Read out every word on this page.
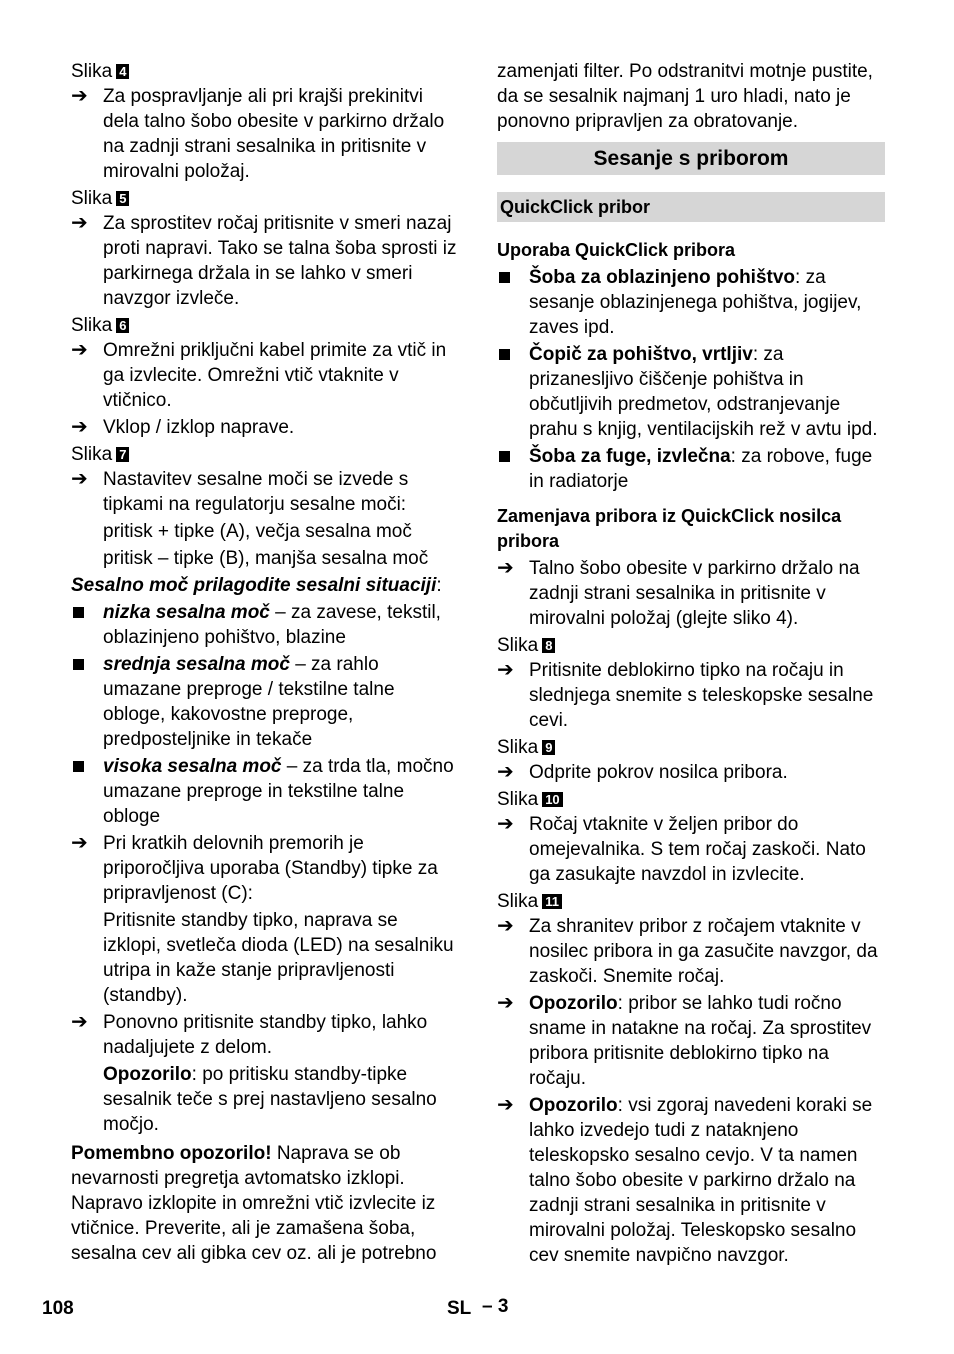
Slika 4
➔ Za pospravljanje ali pri krajši prekinitvi dela talno šobo obesite v parkirno držalo na zadnji strani sesalnika in pritisnite v mirovalni položaj.
Slika 5
➔ Za sprostitev ročaj pritisnite v smeri nazaj proti napravi. Tako se talna šoba sprosti iz parkirnega držala in se lahko v smeri navzgor izvleče.
Slika 6
➔ Omrežni priključni kabel primite za vtič in ga izvlecite. Omrežni vtič vtaknite v vtičnico.
➔ Vklop / izklop naprave.
Slika 7
➔ Nastavitev sesalne moči se izvede s tipkami na regulatorju sesalne moči:
pritisk + tipke (A), večja sesalna moč
pritisk – tipke (B), manjša sesalna moč
Sesalno moč prilagodite sesalni situaciji:
nizka sesalna moč – za zavese, tekstil, oblazinjeno pohištvo, blazine
srednja sesalna moč – za rahlo umazane preproge / tekstilne talne obloge, kakovostne preproge, predposteljnike in tekače
visoka sesalna moč – za trda tla, močno umazane preproge in tekstilne talne obloge
➔ Pri kratkih delovnih premorih je priporočljiva uporaba (Standby) tipke za pripravljenost (C):
Pritisnite standby tipko, naprava se izklopi, svetleča dioda (LED) na sesalniku utripa in kaže stanje pripravljenosti (standby).
➔ Ponovno pritisnite standby tipko, lahko nadaljujete z delom.
Opozorilo: po pritisku standby-tipke sesalnik teče s prej nastavljeno sesalno močjo.
Pomembno opozorilo! Naprava se ob nevarnosti pregretja avtomatsko izklopi. Napravo izklopite in omrežni vtič izvlecite iz vtičnice. Preverite, ali je zamašena šoba, sesalna cev ali gibka cev oz. ali je potrebno
zamenjati filter. Po odstranitvi motnje pustite, da se sesalnik najmanj 1 uro hladi, nato je ponovno pripravljen za obratovanje.
Sesanje s priborom
QuickClick pribor
Uporaba QuickClick pribora
Šoba za oblazinjeno pohištvo: za sesanje oblazinjenega pohištva, jogijev, zaves ipd.
Čopič za pohištvo, vrtljiv: za prizanesljivo čiščenje pohištva in občutljivih predmetov, odstranjevanje prahu s knjig, ventilacijskih rež v avtu ipd.
Šoba za fuge, izvlečna: za robove, fuge in radiatorje
Zamenjava pribora iz QuickClick nosilca pribora
➔ Talno šobo obesite v parkirno držalo na zadnji strani sesalnika in pritisnite v mirovalni položaj (glejte sliko 4).
Slika 8
➔ Pritisnite deblokirno tipko na ročaju in slednjega snemite s teleskopske sesalne cevi.
Slika 9
➔ Odprite pokrov nosilca pribora.
Slika 10
➔ Ročaj vtaknite v željen pribor do omejevalnika. S tem ročaj zaskoči. Nato ga zasukajte navzdol in izvlecite.
Slika 11
➔ Za shranitev pribor z ročajem vtaknite v nosilec pribora in ga zasučite navzgor, da zaskoči. Snemite ročaj.
➔ Opozorilo: pribor se lahko tudi ročno sname in natakne na ročaj. Za sprostitev pribora pritisnite deblokirno tipko na ročaju.
➔ Opozorilo: vsi zgoraj navedeni koraki se lahko izvedejo tudi z nataknjeno teleskopsko sesalno cevjo. V ta namen talno šobo obesite v parkirno držalo na zadnji strani sesalnika in pritisnite v mirovalni položaj. Teleskopsko sesalno cev snemite navpično navzgor.
108	SL – 3
